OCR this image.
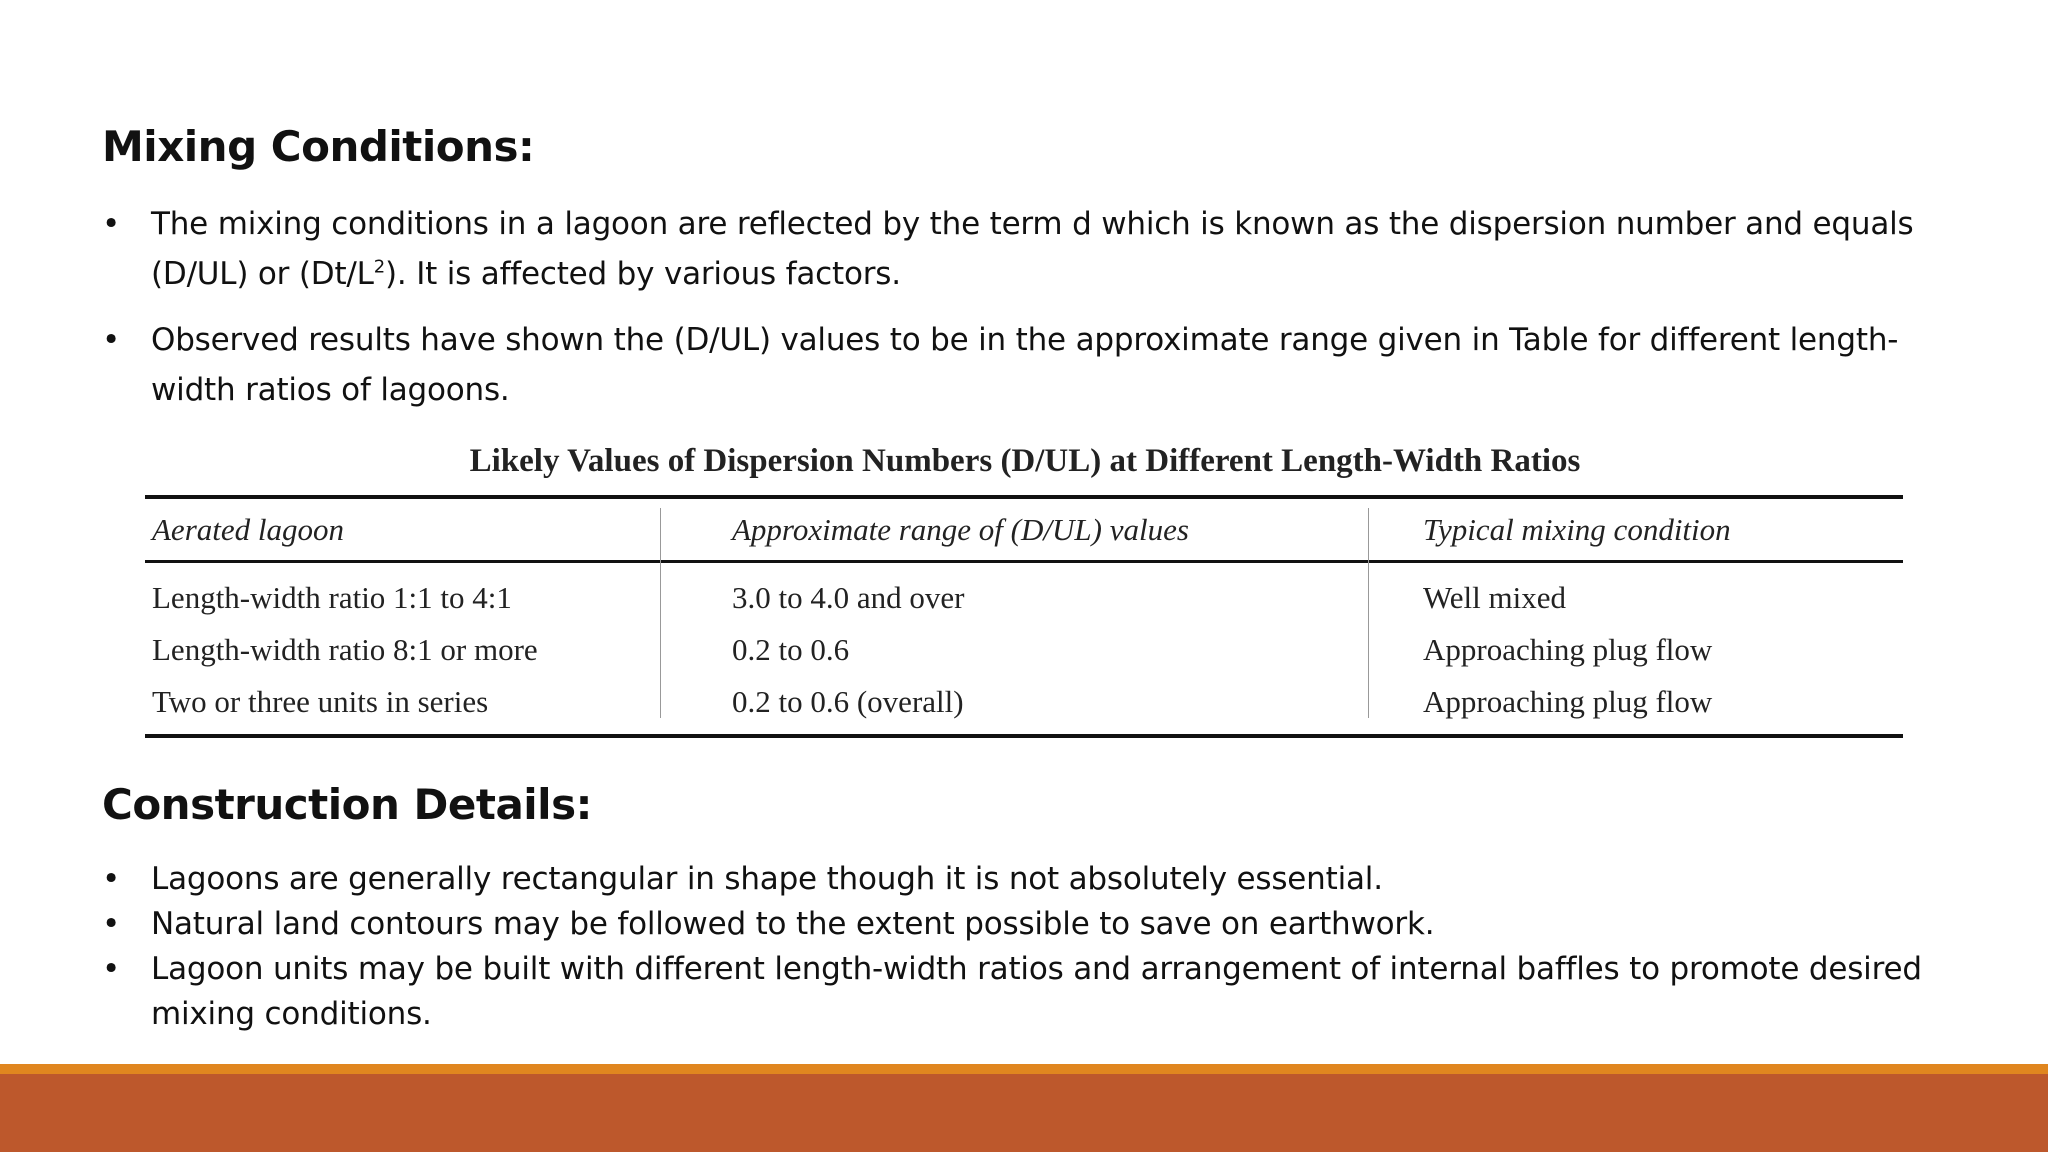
Mixing Conditions:
• The mixing conditions in a lagoon are reflected by the term d which is known as the dispersion number and equals (D/UL) or $(Dt/L^2)$. It is affected by various factors.
• Observed results have shown the (D/UL) values to be in the approximate range given in Table for different length-width ratios of lagoons.
Likely Values of Dispersion Numbers (D/UL) at Different Length-Width Ratios
Aerated lagoon	Approximate range of (D/UL) values	Typical mixing condition
Length-width ratio 1:1 to 4:1	3.0 to 4.0 and over	Well mixed
Length-width ratio 8:1 or more	0.2 to 0.6	Approaching plug flow
Two or three units in series	0.2 to 0.6 (overall)	Approaching plug flow
Construction Details:
• Lagoons are generally rectangular in shape though it is not absolutely essential.
• Natural land contours may be followed to the extent possible to save on earthwork.
• Lagoon units may be built with different length-width ratios and arrangement of internal baffles to promote desired mixing conditions.
